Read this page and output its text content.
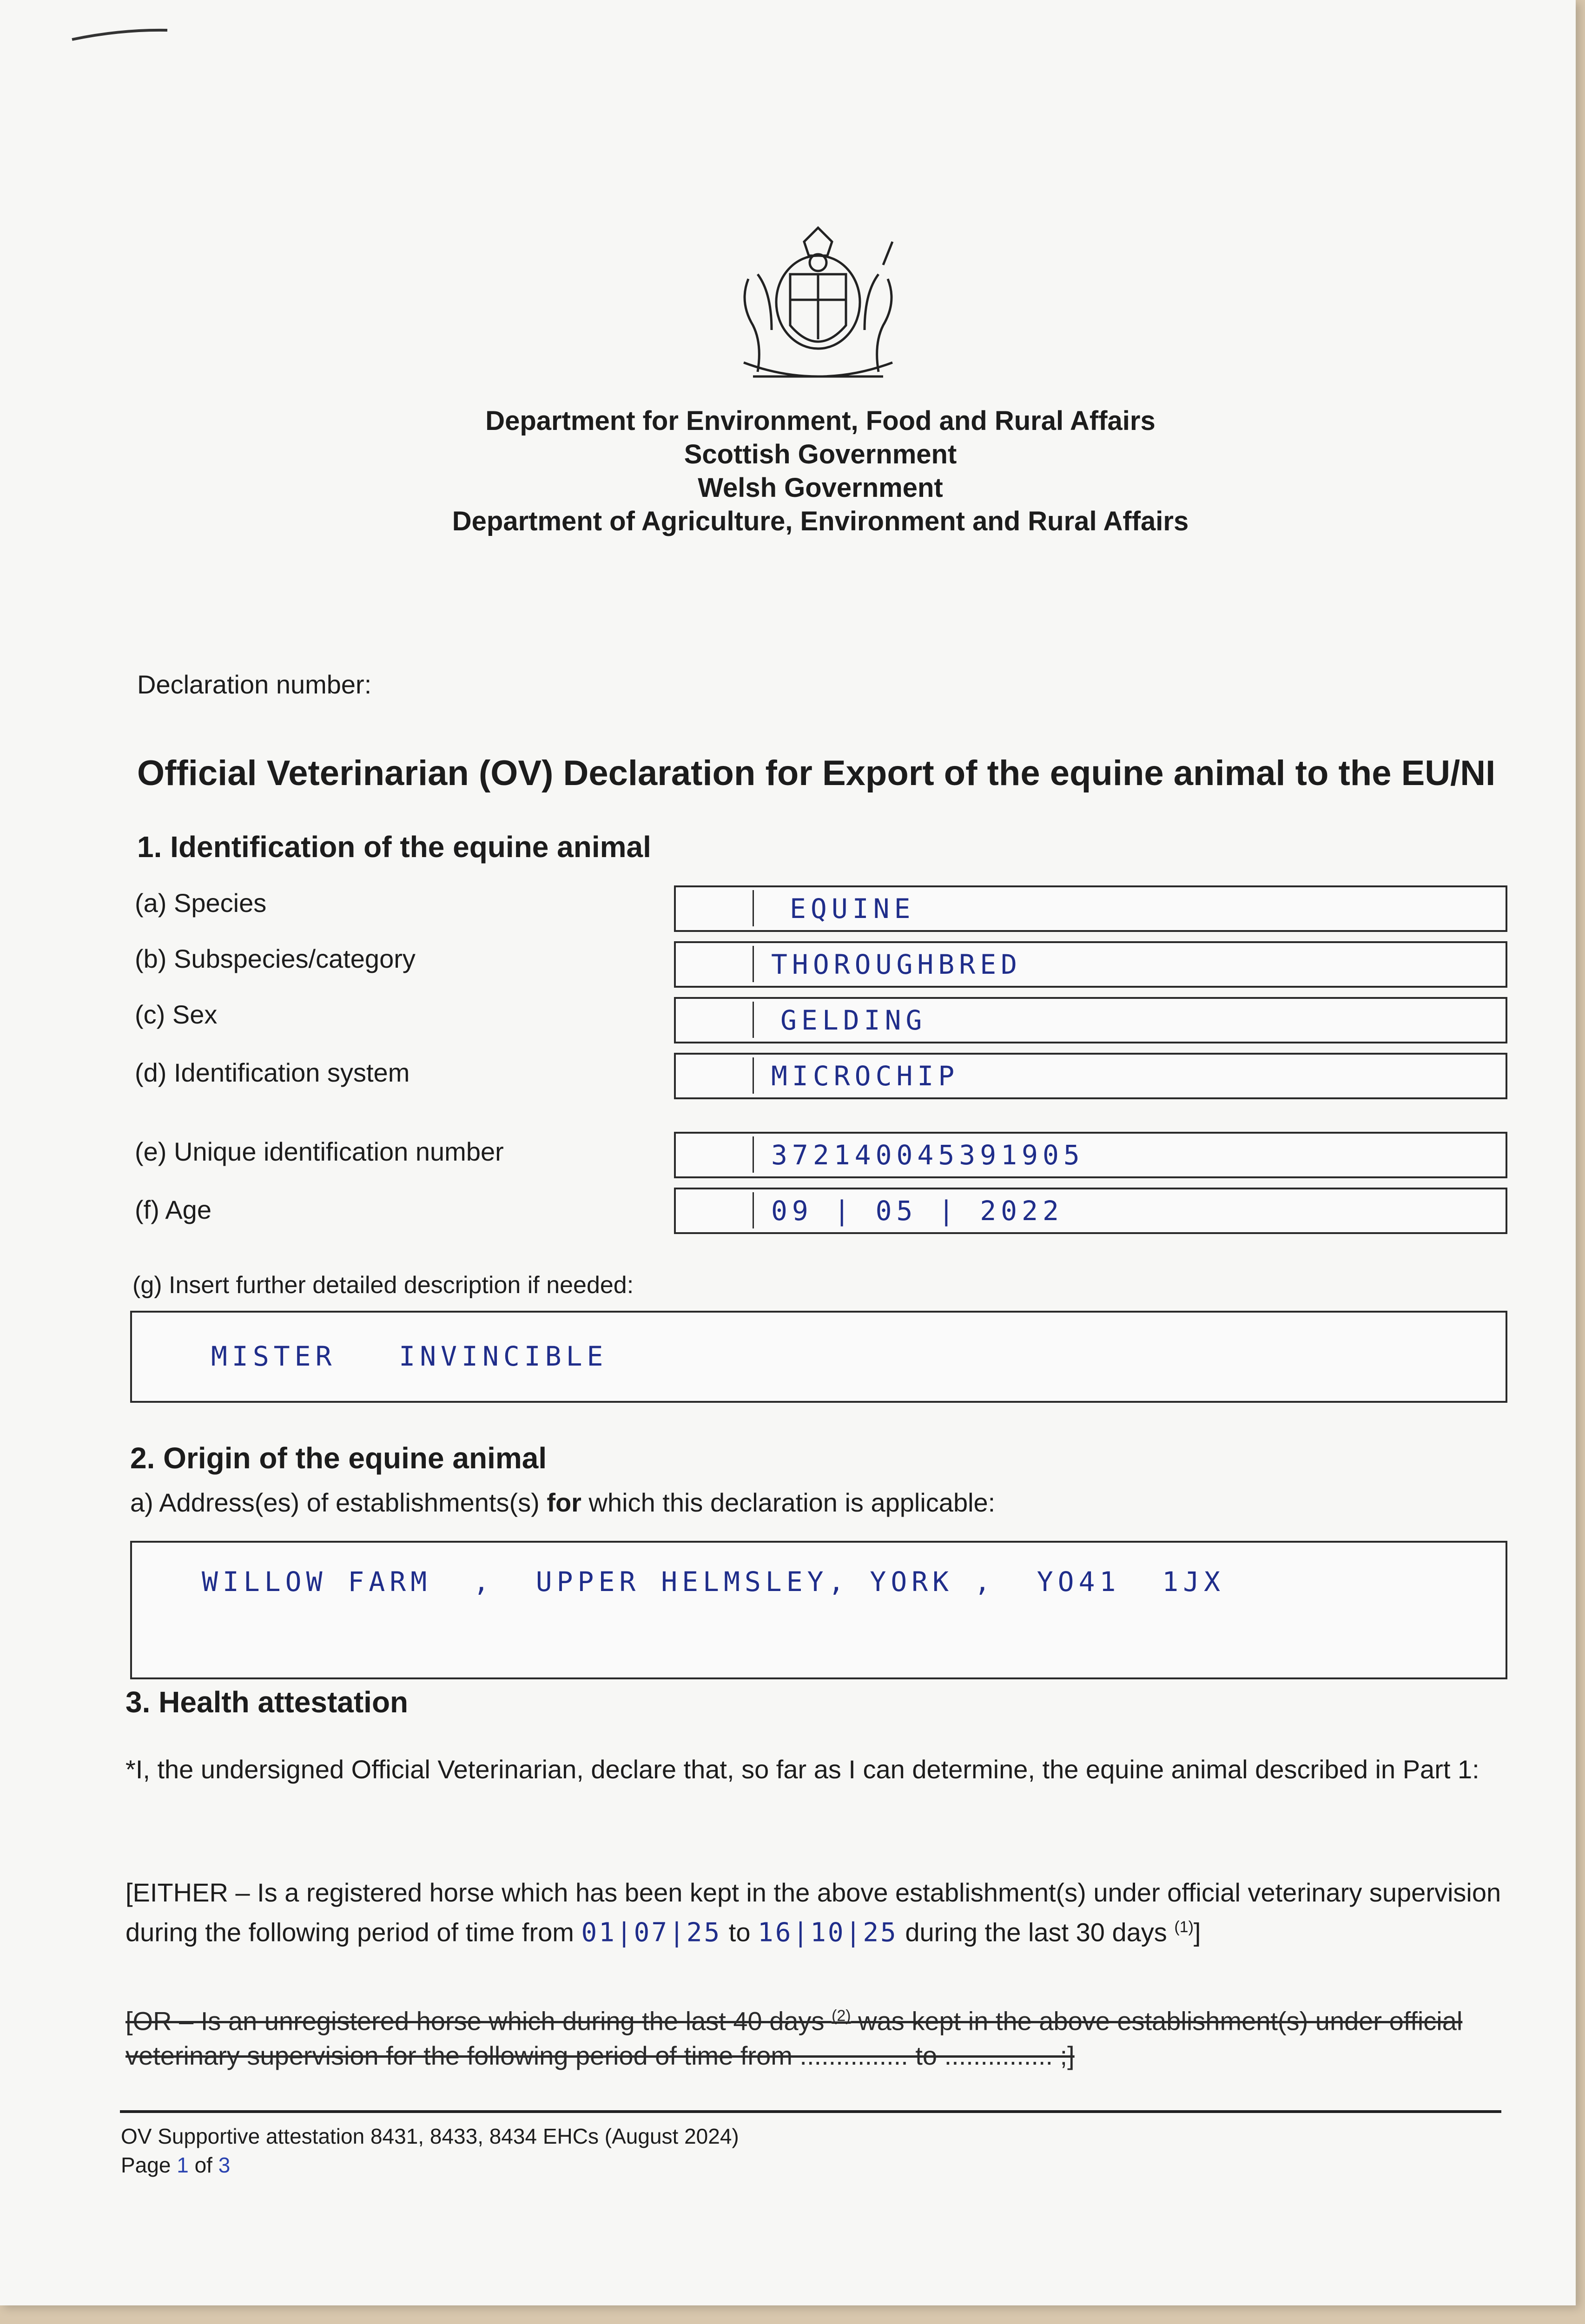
Department for Environment, Food and Rural Affairs
Scottish Government
Welsh Government
Department of Agriculture, Environment and Rural Affairs
Declaration number:
Official Veterinarian (OV) Declaration for Export of the equine animal to the EU/NI
1. Identification of the equine animal
(a) Species	EQUINE
(b) Subspecies/category	THOROUGHBRED
(c) Sex	GELDING
(d) Identification system	MICROCHIP
(e) Unique identification number	372140045391905
(f) Age	09 | 05 | 2022
(g) Insert further detailed description if needed:
MISTER   INVINCIBLE
2. Origin of the equine animal
a) Address(es) of establishments(s) for which this declaration is applicable:
WILLOW FARM  ,  UPPER HELMSLEY, YORK ,  YO41  1JX
3. Health attestation
*I, the undersigned Official Veterinarian, declare that, so far as I can determine, the equine animal described in Part 1:
[EITHER – Is a registered horse which has been kept in the above establishment(s) under official veterinary supervision during the following period of time from 01|07|25 to 16|10|25 during the last 30 days $^{(1)}$]
[OR – Is an unregistered horse which during the last 40 days $^{(2)}$ was kept in the above establishment(s) under official veterinary supervision for the following period of time from ............... to ............... ;]
OV Supportive attestation 8431, 8433, 8434 EHCs (August 2024)
Page 1 of 3
